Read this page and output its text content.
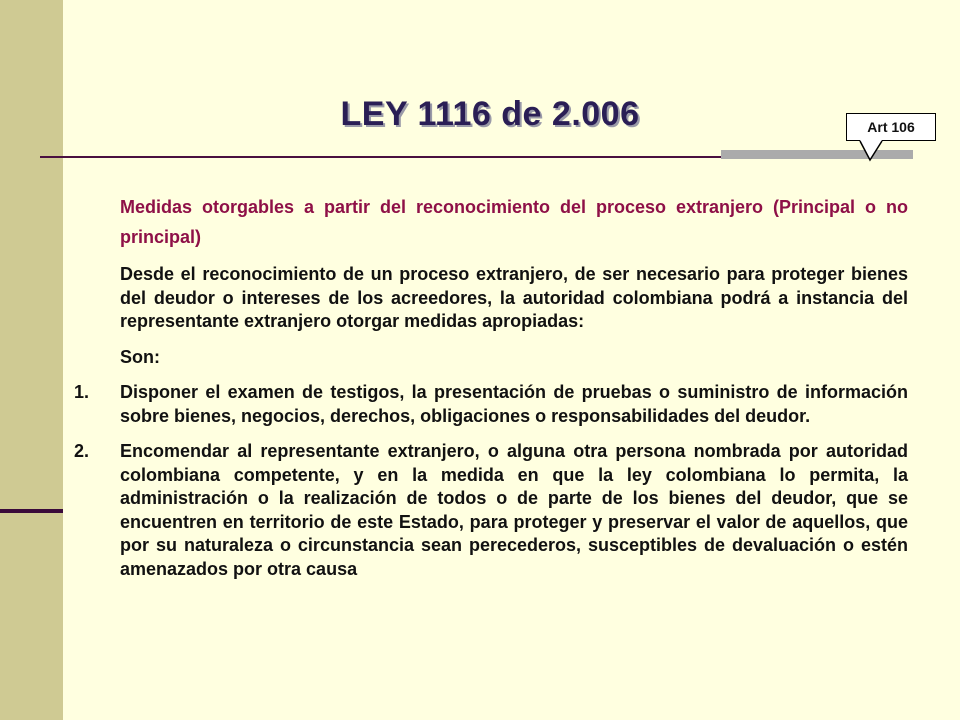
LEY 1116 de 2.006	Art 106

Medidas otorgables a partir del reconocimiento del proceso extranjero (Principal o no principal)

Desde el reconocimiento de un proceso extranjero, de ser necesario para proteger bienes del deudor o intereses de los acreedores, la autoridad colombiana podrá a instancia del representante extranjero otorgar medidas apropiadas:

Son:

1.	Disponer el examen de testigos, la presentación de pruebas o suministro de información sobre bienes, negocios, derechos, obligaciones o responsabilidades del deudor.

2.	Encomendar al representante extranjero, o alguna otra persona nombrada por autoridad colombiana competente, y en la medida en que la ley colombiana lo permita, la administración o la realización de todos o de parte de los bienes del deudor, que se encuentren en territorio de este Estado, para proteger y preservar el valor de aquellos, que por su naturaleza o circunstancia sean perecederos, susceptibles de devaluación o estén amenazados por otra causa
